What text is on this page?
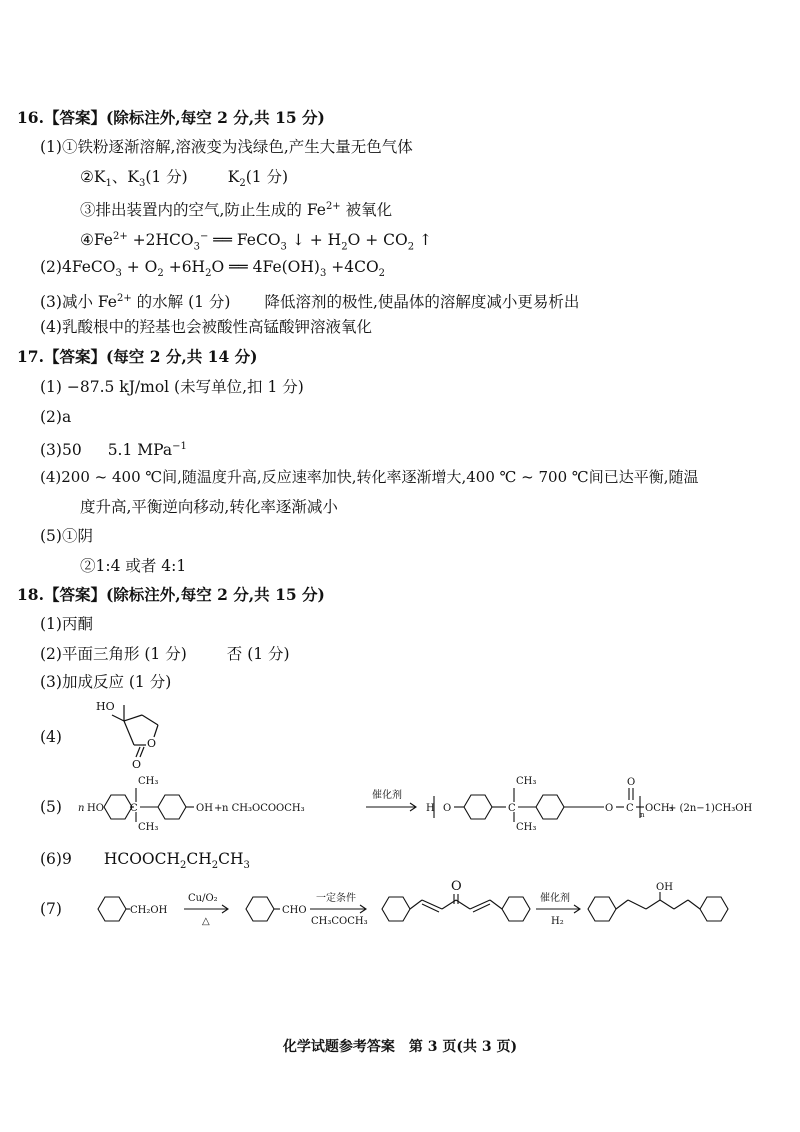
16.【答案】(除标注外,每空 2 分,共 15 分)
(1)①铁粉逐渐溶解,溶液变为浅绿色,产生大量无色气体
$②K_1$、$K_3(1$ 分)	$K_2(1$ 分)
③排出装置内的空气,防止生成的 $Fe^{2+}$ 被氧化
$④Fe^{2+} +2HCO_3^-$ ══ FeCO$_3$ ↓ + $H_2O + CO_2$ ↑
(2)4FeCO$_3$ + $O_2 +6H_2O$ ══ $4Fe(OH)_3 +4CO_2$
(3)减小 $Fe^{2+}$ 的水解 (1 分) 降低溶剂的极性,使晶体的溶解度减小更易析出
(4)乳酸根中的羟基也会被酸性高锰酸钾溶液氧化
17.【答案】(每空 2 分,共 14 分)
(1) −87.5 kJ/mol (未写单位,扣 1 分)
(2)a
(3)50 5.1 MPa$^{-1}$
(4)200 ~ 400 ℃间,随温度升高,反应速率加快,转化率逐渐增大,400 ℃ ~ 700 ℃间已达平衡,随温
度升高,平衡逆向移动,转化率逐渐减小
(5)①阴
②1:4 或者 4:1
18.【答案】(除标注外,每空 2 分,共 15 分)
(1)丙酮
(2)平面三角形 (1 分)	否 (1 分)
(3)加成反应 (1 分)
(4)
HO
O
O
(5) n HO	OH + n CH₃OCOOCH₃
催化剂
H O	O C
O
OCH₃
n
+ (2n−1)CH₃OH
CH₃
CH₃
C
CH₃
CH₃
C
(6)9 $HCOOCH_2CH_2CH_3$
(7)	CH₂OH
Cu/O₂
△
CHO
一定条件
CH₃COCH₃
O
催化剂
H₂
OH
化学试题参考答案　第 3 页(共 3 页)
